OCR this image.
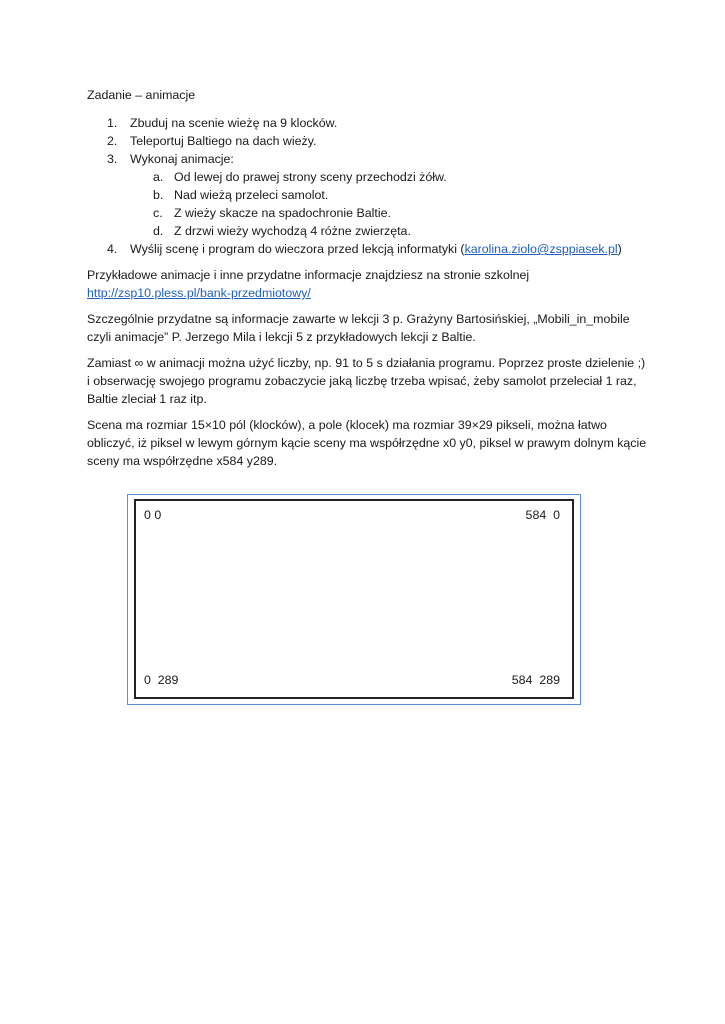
Zadanie – animacje
1. Zbuduj na scenie wieżę na 9 klocków.
2. Teleportuj Baltiego na dach wieży.
3. Wykonaj animacje:
a. Od lewej do prawej strony sceny przechodzi żółw.
b. Nad wieżą przeleci samolot.
c. Z wieży skacze na spadochronie Baltie.
d. Z drzwi wieży wychodzą 4 różne zwierzęta.
4. Wyślij scenę i program do wieczora przed lekcją informatyki (karolina.ziolo@zsppiasek.pl)

Przykładowe animacje i inne przydatne informacje znajdziesz na stronie szkolnej
http://zsp10.pless.pl/bank-przedmiotowy/

Szczególnie przydatne są informacje zawarte w lekcji 3 p. Grażyny Bartosińskiej, „Mobili_in_mobile
czyli animacje” P. Jerzego Mila i lekcji 5 z przykładowych lekcji z Baltie.

Zamiast ∞ w animacji można użyć liczby, np. 91 to 5 s działania programu. Poprzez proste dzielenie ;)
i obserwację swojego programu zobaczycie jaką liczbę trzeba wpisać, żeby samolot przeleciał 1 raz,
Baltie zleciał 1 raz itp.

Scena ma rozmiar 15×10 pól (klocków), a pole (klocek) ma rozmiar 39×29 pikseli, można łatwo
obliczyć, iż piksel w lewym górnym kącie sceny ma współrzędne x0 y0, piksel w prawym dolnym kącie
sceny ma współrzędne x584 y289.

0 0	584  0
0  289	584  289
